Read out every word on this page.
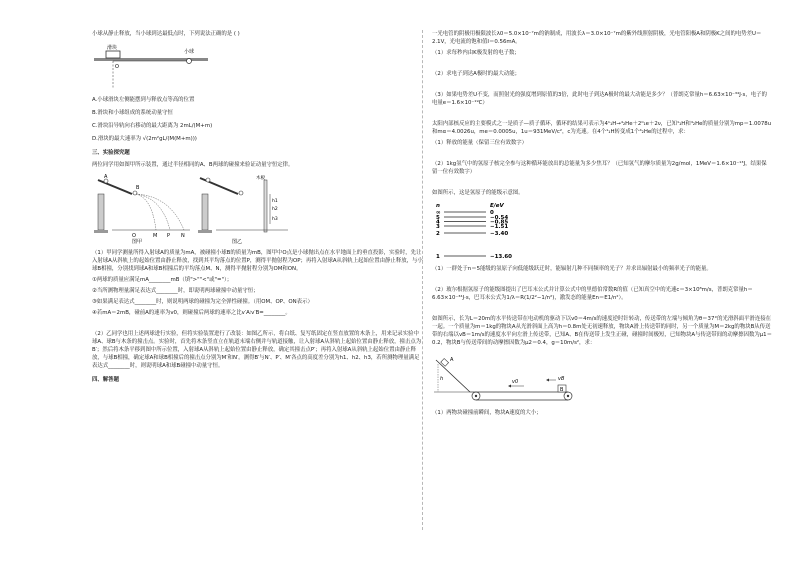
小球从静止释放，当小球到达最低点时，下列说法正确的是 ( )

滑块
小球
O

A.小球滑块左侧能摆到与释放点等高的位置

B.滑块和小球组成的系统动量守恒

C.滑块沿导轨向右移动的最大距离为 2mL/(M+m)

D.滑块的最大速率为 √(2m²gL/(M(M+m)))

三、实验探究题

两位同学用如图甲所示装置，通过半径相同的A、B两球的碰撞来验证动量守恒定律。

A
B
O	M P N
图甲
木板
h1
h2
h3
图乙

（1）甲同学测量所得入射球A的质量为mA，被碰撞小球B的质量为mB，图甲中O点是小球抛出点在水平地面上的垂直投影，实验时，先让入射球A从斜轨上的起始位置由静止释放，找到其平均落点的位置P，测得平抛射程为OP；再将入射球A从斜轨上起始位置由静止释放，与小球B相撞，分别找到球A和球B相撞后的平均落点M、N，测得平抛射程分别为OM和ON。

①两球的质量应满足mA________mB（填">""<"或"="）；

②当所测物理量满足表达式________时，即说明两球碰撞中动量守恒；

③如果满足表达式________时，则说明两球的碰撞为完全弹性碰撞。（用OM、OP、ON表示）

④若mA＝2mB，碰前A的速率为v0，则碰撞后两球的速率之比v′A∶v′B=________。

（2）乙同学也用上述两球进行实验，但将实验装置进行了改装：如图乙所示，将白纸、复写纸固定在竖直放置的木条上，用来记录实验中球A、球B与木条的撞击点。实验时，首先将木条竖直立在轨道末端右侧并与轨道接触，让入射球A从斜轨上起始位置由静止释放，撞击点为B′；然后将木条平移到图中所示位置，入射球A从斜轨上起始位置由静止释放，确定其撞击点P′；再将入射球A从斜轨上起始位置由静止释放，与球B相撞，确定球A和球B相撞后的撞击点分别为M′和N′。测得B′与N′、P′、M′各点的高度差分别为h1、h2、h3，若所测物理量满足表达式________时，则说明球A和球B碰撞中动量守恒。

四、解答题

一光电管的阴极用极限波长λ0＝5.0×10⁻⁷m的钠制成，用波长λ＝3.0×10⁻⁷m的紫外线照射阴极，光电管阳极A和阴极K之间的电势差U＝2.1V，光电流的饱和值I＝0.56mA。

（1）求每秒内由K极发射的电子数；

（2）求电子到达A极时的最大动能；

（3）如果电势差U不变，而照射光的强度增到原值的3倍，此时电子到达A极时的最大动能是多少？（普朗克常量h＝6.63×10⁻³⁴J·s，电子的电量e＝1.6×10⁻¹⁹C）

太阳内部核反应的主要模式之一是质子—质子循环，循环的结果可表示为4¹₁H→⁴₂He＋2⁰₁e＋2ν，已知¹₁H和⁴₂He的质量分别为mp＝1.0078u和mα＝4.0026u，me＝0.0005u，1u＝931MeV/c²，c为光速。在4个¹₁H转变成1个⁴₂He的过程中，求：

（1）释放的能量（保留三位有效数字）

（2）1kg氢气中的氢原子核完全参与这种循环能放出的总能量为多少焦耳？（已知氢气的摩尔质量为2g/mol，1MeV＝1.6×10⁻¹³J，结果保留一位有效数字）

如图所示，这是氢原子的能级示意图。

n	E/eV
∞	0
5	−0.54
4	−0.85
3	−1.51
2	−3.40
1	−13.60

（1）一群处于n＝5能级的氢原子向低能级跃迁时，能辐射几种不同频率的光子？并求出辐射最小的频率光子的能量。

（2）玻尔根据氢原子的能级图提出了巴耳末公式并计算公式中的里德伯常数R的值（已知真空中的光速c＝3×10⁸m/s，普朗克常量h＝6.63×10⁻³⁴J·s，巴耳末公式为1/λ＝R(1/2²−1/n²)，激发态的能量En＝E1/n²）。

如图所示，长为L＝20m的水平传送带在电动机的驱动下以v0＝4m/s的速度逆时针转动，传送带的左端与倾角为θ＝37°的光滑斜面平滑连接在一起。一个质量为m＝1kg的物块A从光滑斜面上高为h＝0.8m处无初速释放，物块A滑上传送带的同时，另一个质量为M＝2kg的物块B从传送带的右端以vB＝1m/s的速度水平向左滑上传送带，已知A、B在传送带上发生正碰，碰撞时间极短，已知物块A与传送带间的动摩擦因数为μ1＝0.2，物块B与传送带间的动摩擦因数为μ2＝0.4，g＝10m/s²，求：

A
h	v0
B
vB

（1）两物块碰撞前瞬间，物块A速度的大小；
